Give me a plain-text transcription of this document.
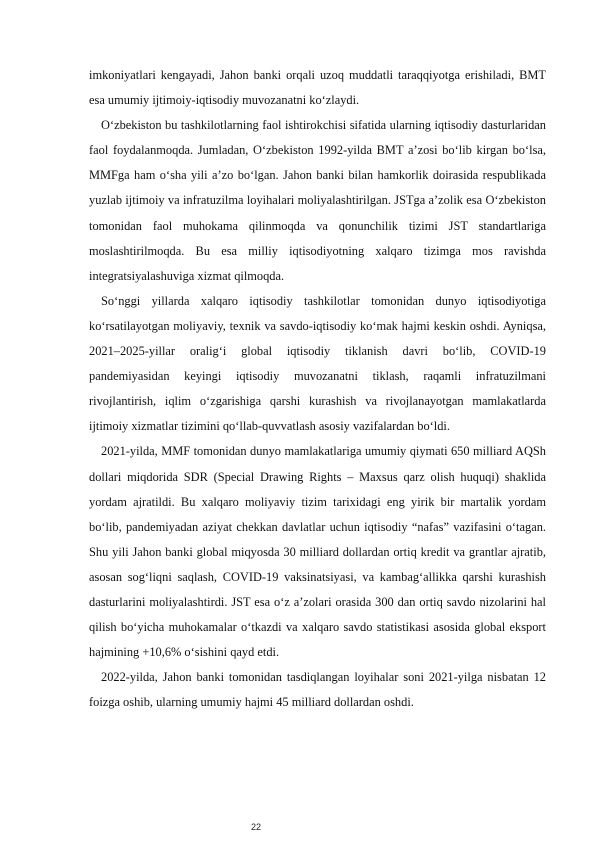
imkoniyatlari kengayadi, Jahon banki orqali uzoq muddatli taraqqiyotga erishiladi, BMT esa umumiy ijtimoiy-iqtisodiy muvozanatni ko‘zlaydi.

O‘zbekiston bu tashkilotlarning faol ishtirokchisi sifatida ularning iqtisodiy dasturlaridan faol foydalanmoqda. Jumladan, O‘zbekiston 1992-yilda BMT a’zosi bo‘lib kirgan bo‘lsa, MMFga ham o‘sha yili a’zo bo‘lgan. Jahon banki bilan hamkorlik doirasida respublikada yuzlab ijtimoiy va infratuzilma loyihalari moliyalashtirilgan. JSTga a’zolik esa O‘zbekiston tomonidan faol muhokama qilinmoqda va qonunchilik tizimi JST standartlariga moslashtirilmoqda. Bu esa milliy iqtisodiyotning xalqaro tizimga mos ravishda integratsiyalashuviga xizmat qilmoqda.

So‘nggi yillarda xalqaro iqtisodiy tashkilotlar tomonidan dunyo iqtisodiyotiga ko‘rsatilayotgan moliyaviy, texnik va savdo-iqtisodiy ko‘mak hajmi keskin oshdi. Ayniqsa, 2021–2025-yillar oralig‘i global iqtisodiy tiklanish davri bo‘lib, COVID-19 pandemiyasidan keyingi iqtisodiy muvozanatni tiklash, raqamli infratuzilmani rivojlantirish, iqlim o‘zgarishiga qarshi kurashish va rivojlanayotgan mamlakatlarda ijtimoiy xizmatlar tizimini qo‘llab-quvvatlash asosiy vazifalardan bo‘ldi.

2021-yilda, MMF tomonidan dunyo mamlakatlariga umumiy qiymati 650 milliard AQSh dollari miqdorida SDR (Special Drawing Rights – Maxsus qarz olish huquqi) shaklida yordam ajratildi. Bu xalqaro moliyaviy tizim tarixidagi eng yirik bir martalik yordam bo‘lib, pandemiyadan aziyat chekkan davlatlar uchun iqtisodiy “nafas” vazifasini o‘tagan. Shu yili Jahon banki global miqyosda 30 milliard dollardan ortiq kredit va grantlar ajratib, asosan sog‘liqni saqlash, COVID-19 vaksinatsiyasi, va kambag‘allikka qarshi kurashish dasturlarini moliyalashtirdi. JST esa o‘z a’zolari orasida 300 dan ortiq savdo nizolarini hal qilish bo‘yicha muhokamalar o‘tkazdi va xalqaro savdo statistikasi asosida global eksport hajmining +10,6% o‘sishini qayd etdi.

2022-yilda, Jahon banki tomonidan tasdiqlangan loyihalar soni 2021-yilga nisbatan 12 foizga oshib, ularning umumiy hajmi 45 milliard dollardan oshdi.

22
